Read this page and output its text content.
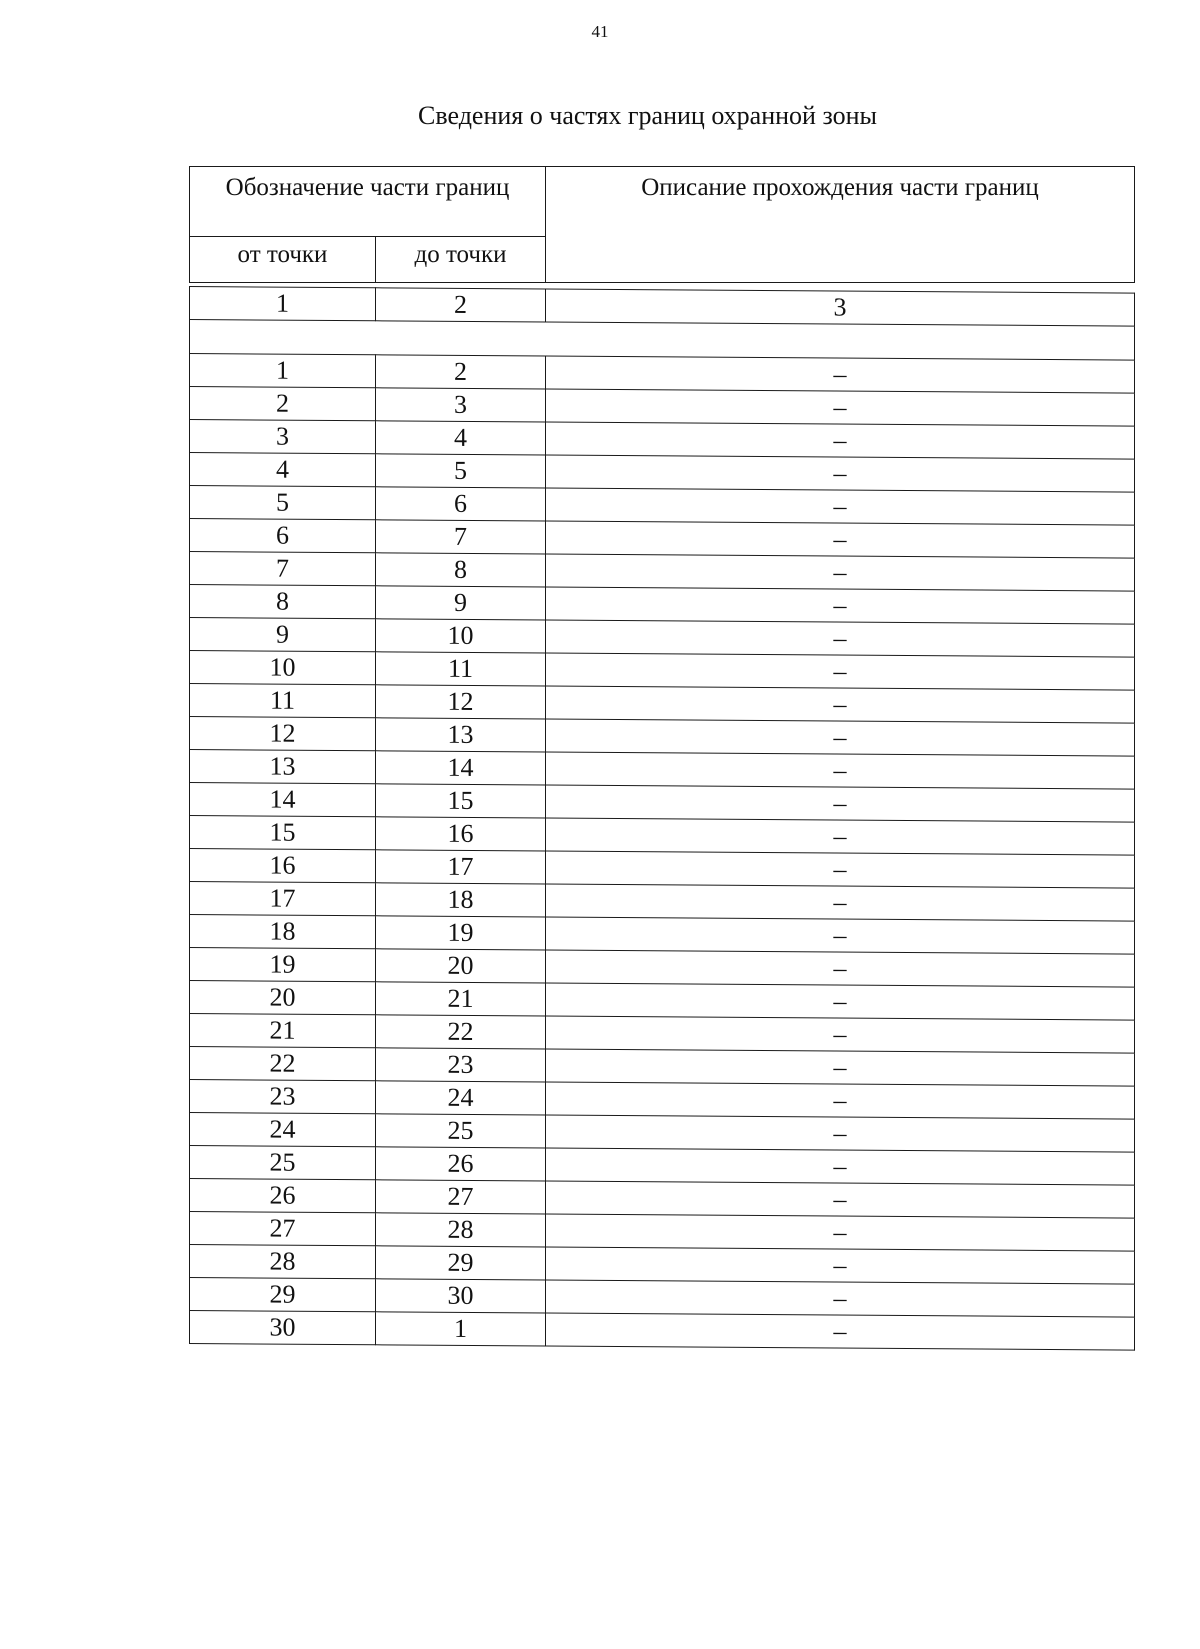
41
Сведения о частях границ охранной зоны
Обозначение части границ		Описание прохождения части границ
от точки	до точки	
1	2	3

1	2	–
2	3	–
3	4	–
4	5	–
5	6	–
6	7	–
7	8	–
8	9	–
9	10	–
10	11	–
11	12	–
12	13	–
13	14	–
14	15	–
15	16	–
16	17	–
17	18	–
18	19	–
19	20	–
20	21	–
21	22	–
22	23	–
23	24	–
24	25	–
25	26	–
26	27	–
27	28	–
28	29	–
29	30	–
30	1	–
